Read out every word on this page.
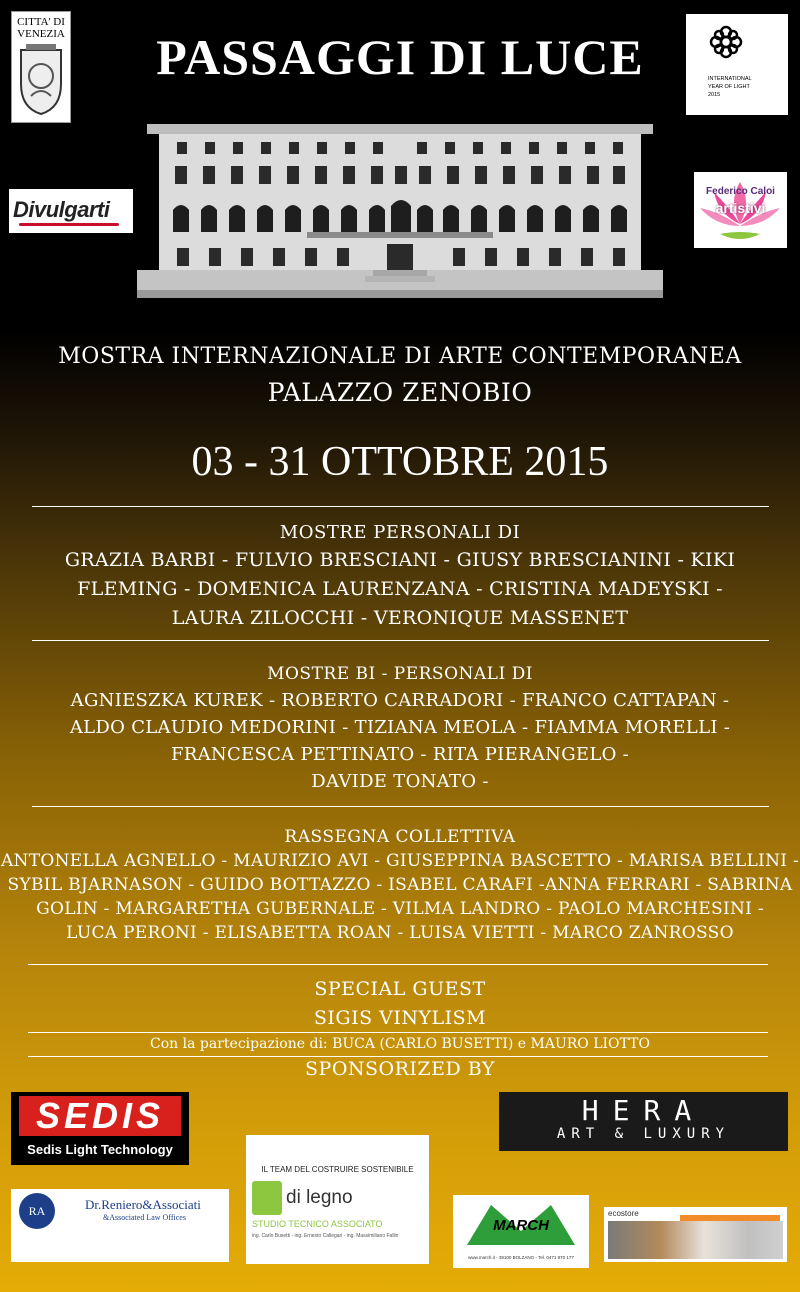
PASSAGGI DI LUCE
CITTA' DI
VENEZIA
INTERNATIONAL
YEAR OF LIGHT
2015
Divulgarti
Federico Caloi
artistivi
MOSTRA INTERNAZIONALE DI ARTE CONTEMPORANEA
PALAZZO ZENOBIO
03 - 31 OTTOBRE 2015
MOSTRE PERSONALI DI
GRAZIA BARBI - FULVIO BRESCIANI - GIUSY BRESCIANINI - KIKI
FLEMING - DOMENICA LAURENZANA - CRISTINA MADEYSKI -
LAURA ZILOCCHI - VERONIQUE MASSENET
MOSTRE BI - PERSONALI DI
AGNIESZKA KUREK - ROBERTO CARRADORI - FRANCO CATTAPAN -
ALDO CLAUDIO MEDORINI - TIZIANA MEOLA - FIAMMA MORELLI -
FRANCESCA PETTINATO - RITA PIERANGELO -
DAVIDE TONATO -
RASSEGNA COLLETTIVA
ANTONELLA AGNELLO - MAURIZIO AVI - GIUSEPPINA BASCETTO - MARISA BELLINI -
SYBIL BJARNASON - GUIDO BOTTAZZO - ISABEL CARAFI -ANNA FERRARI - SABRINA
GOLIN - MARGARETHA GUBERNALE - VILMA LANDRO - PAOLO MARCHESINI -
LUCA PERONI - ELISABETTA ROAN - LUISA VIETTI - MARCO ZANROSSO
SPECIAL GUEST
SIGIS VINYLISM
Con la partecipazione di: BUCA (CARLO BUSETTI) e MAURO LIOTTO
SPONSORIZED BY
SEDIS
Sedis Light Technology
HERA
ART & LUXURY
IL TEAM DEL COSTRUIRE SOSTENIBILE
di legno
STUDIO TECNICO ASSOCIATO
ing. Carlo Busetti - ing. Ernesto Callegari - ing. Massimiliano Fallin
RA	Dr.Reniero&Associati
&Associated Law Offices	MARCH
www.march.it - 39100 BOLZANO - Tel. 0471 970 177
ecostore
